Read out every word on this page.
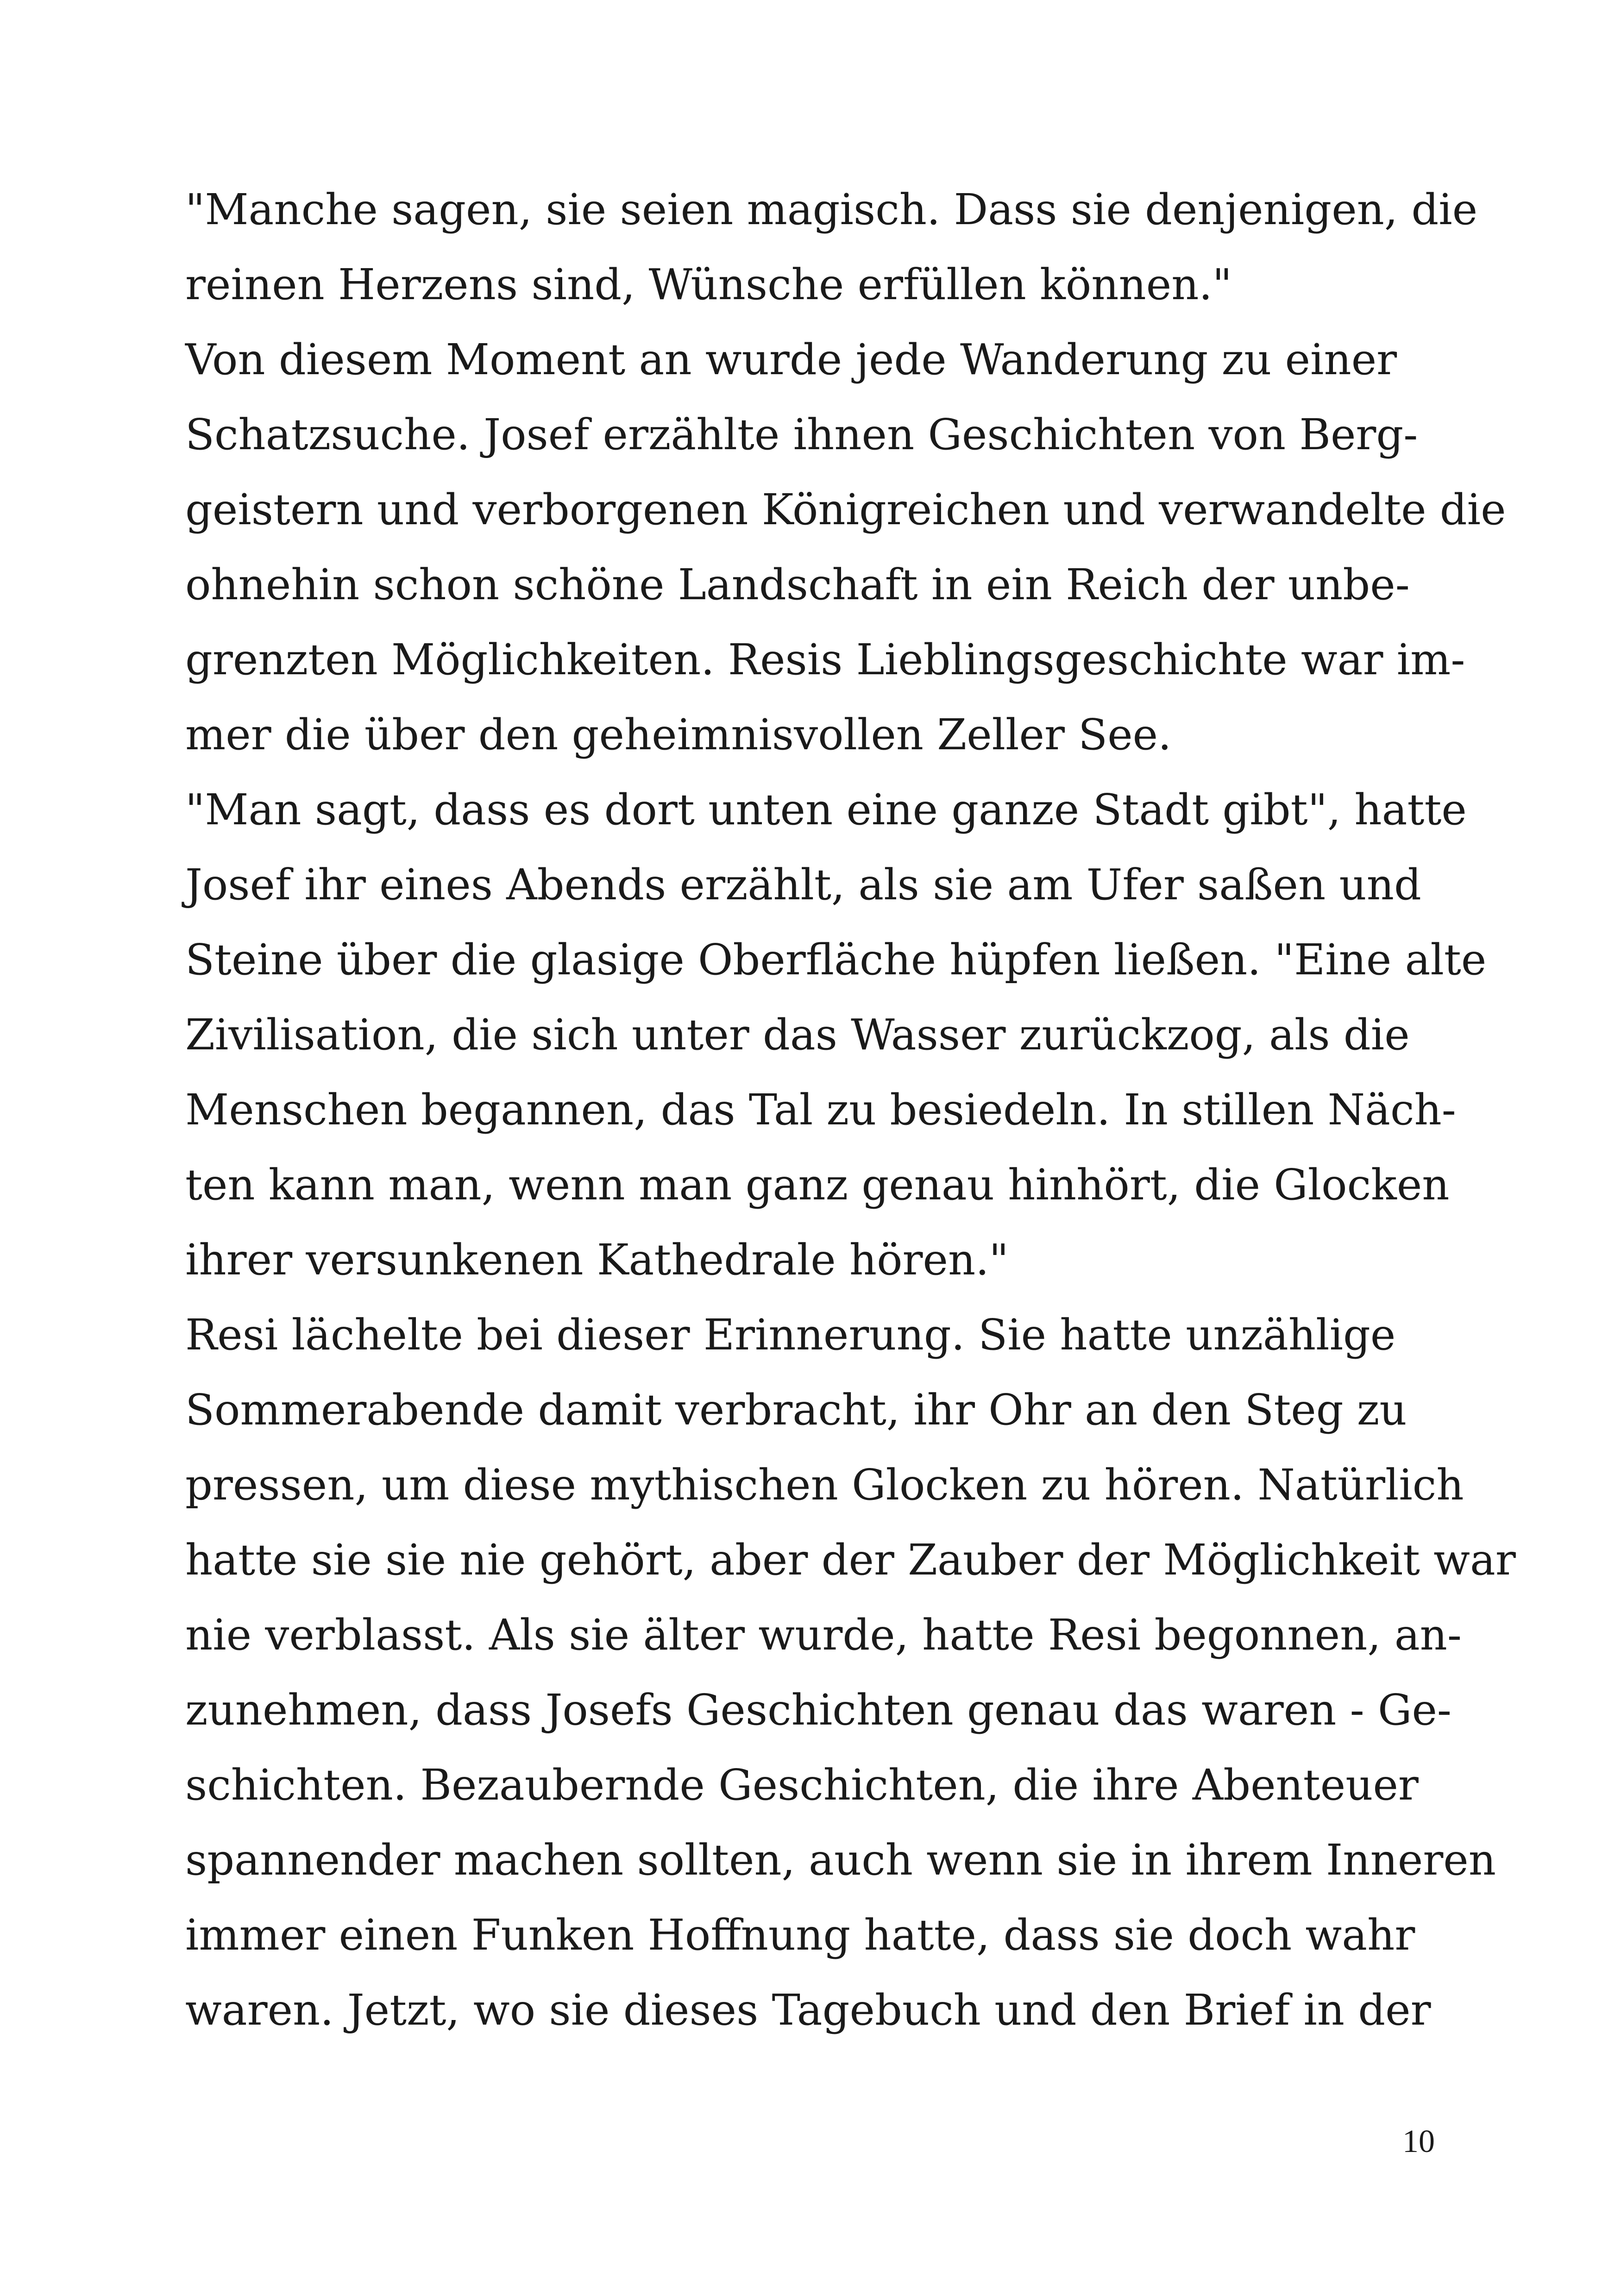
"Manche sagen, sie seien magisch. Dass sie denjenigen, die
reinen Herzens sind, Wünsche erfüllen können."
Von diesem Moment an wurde jede Wanderung zu einer
Schatzsuche. Josef erzählte ihnen Geschichten von Berg-
geistern und verborgenen Königreichen und verwandelte die
ohnehin schon schöne Landschaft in ein Reich der unbe-
grenzten Möglichkeiten. Resis Lieblingsgeschichte war im-
mer die über den geheimnisvollen Zeller See.
"Man sagt, dass es dort unten eine ganze Stadt gibt", hatte
Josef ihr eines Abends erzählt, als sie am Ufer saßen und
Steine über die glasige Oberfläche hüpfen ließen. "Eine alte
Zivilisation, die sich unter das Wasser zurückzog, als die
Menschen begannen, das Tal zu besiedeln. In stillen Näch-
ten kann man, wenn man ganz genau hinhört, die Glocken
ihrer versunkenen Kathedrale hören."
Resi lächelte bei dieser Erinnerung. Sie hatte unzählige
Sommerabende damit verbracht, ihr Ohr an den Steg zu
pressen, um diese mythischen Glocken zu hören. Natürlich
hatte sie sie nie gehört, aber der Zauber der Möglichkeit war
nie verblasst. Als sie älter wurde, hatte Resi begonnen, an-
zunehmen, dass Josefs Geschichten genau das waren - Ge-
schichten. Bezaubernde Geschichten, die ihre Abenteuer
spannender machen sollten, auch wenn sie in ihrem Inneren
immer einen Funken Hoffnung hatte, dass sie doch wahr
waren. Jetzt, wo sie dieses Tagebuch und den Brief in der
10
